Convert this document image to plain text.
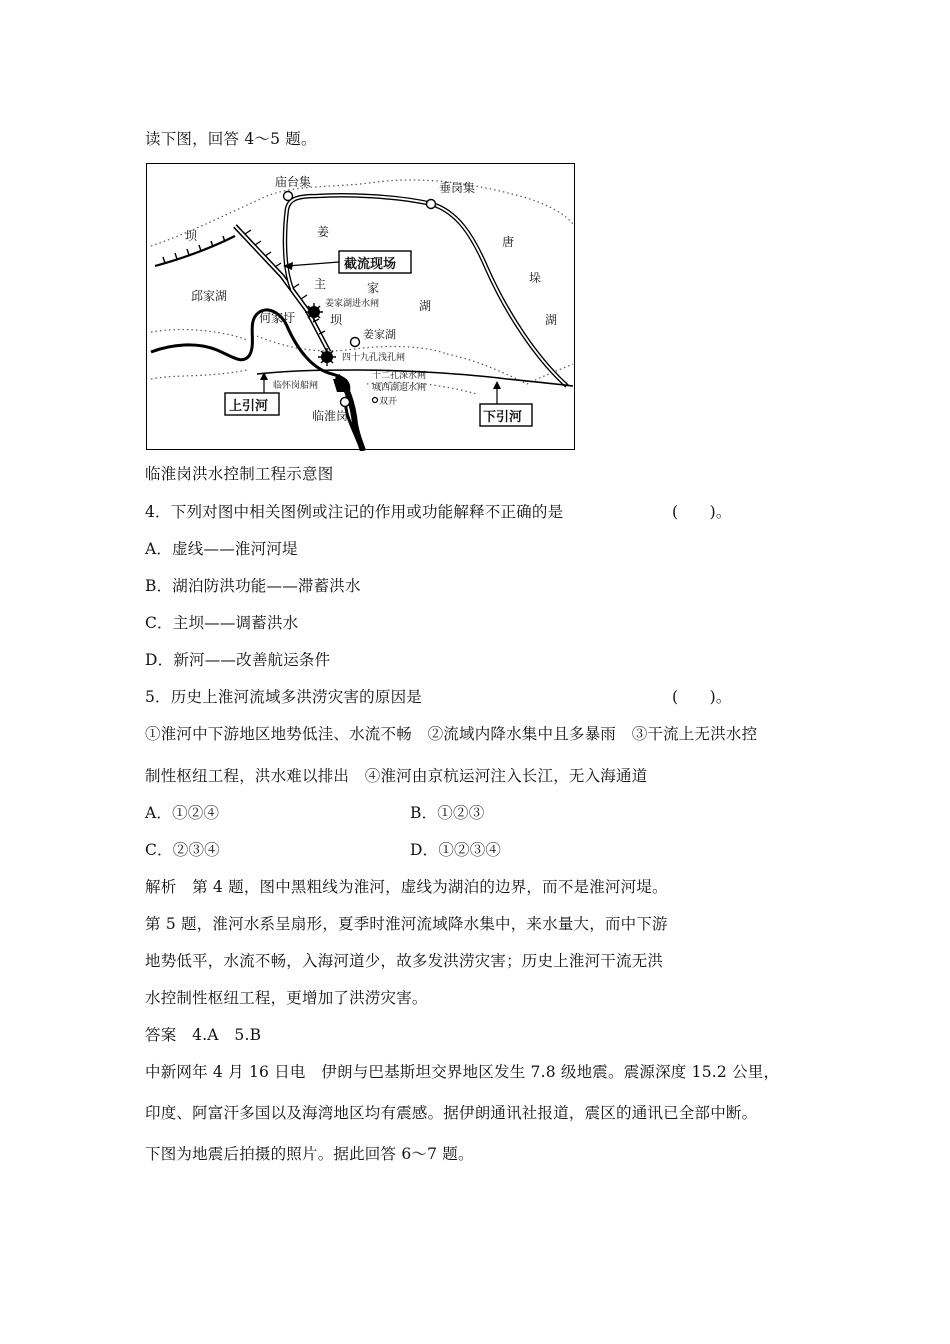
读下图，回答 4～5 题。
庙台集	垂岗集
坝	姜
唐
垛
湖
截流现场
主	家
湖
坝
邱家湖
姜家湖进水闸
何家圩
姜家湖
四十九孔浅孔闸
十二孔深水闸
临怀岗船闸	城西湖退水闸
双开
上引河
下引河
临淮岗
临淮岗洪水控制工程示意图
4．下列对图中相关图例或注记的作用或功能解释不正确的是	(　　)。
A．虚线——淮河河堤
B．湖泊防洪功能——滞蓄洪水
C．主坝——调蓄洪水
D．新河——改善航运条件
5．历史上淮河流域多洪涝灾害的原因是	(　　)。
①淮河中下游地区地势低洼、水流不畅　②流域内降水集中且多暴雨　③干流上无洪水控
制性枢纽工程，洪水难以排出　④淮河由京杭运河注入长江，无入海通道
A．①②④	B．①②③
C．②③④	D．①②③④
解析　第 4 题，图中黑粗线为淮河，虚线为湖泊的边界，而不是淮河河堤。
第 5 题，淮河水系呈扇形，夏季时淮河流域降水集中，来水量大，而中下游
地势低平，水流不畅，入海河道少，故多发洪涝灾害；历史上淮河干流无洪
水控制性枢纽工程，更增加了洪涝灾害。
答案　4.A　5.B
中新网年 4 月 16 日电　伊朗与巴基斯坦交界地区发生 7.8 级地震。震源深度 15.2 公里，
印度、阿富汗多国以及海湾地区均有震感。据伊朗通讯社报道，震区的通讯已全部中断。
下图为地震后拍摄的照片。据此回答 6～7 题。
